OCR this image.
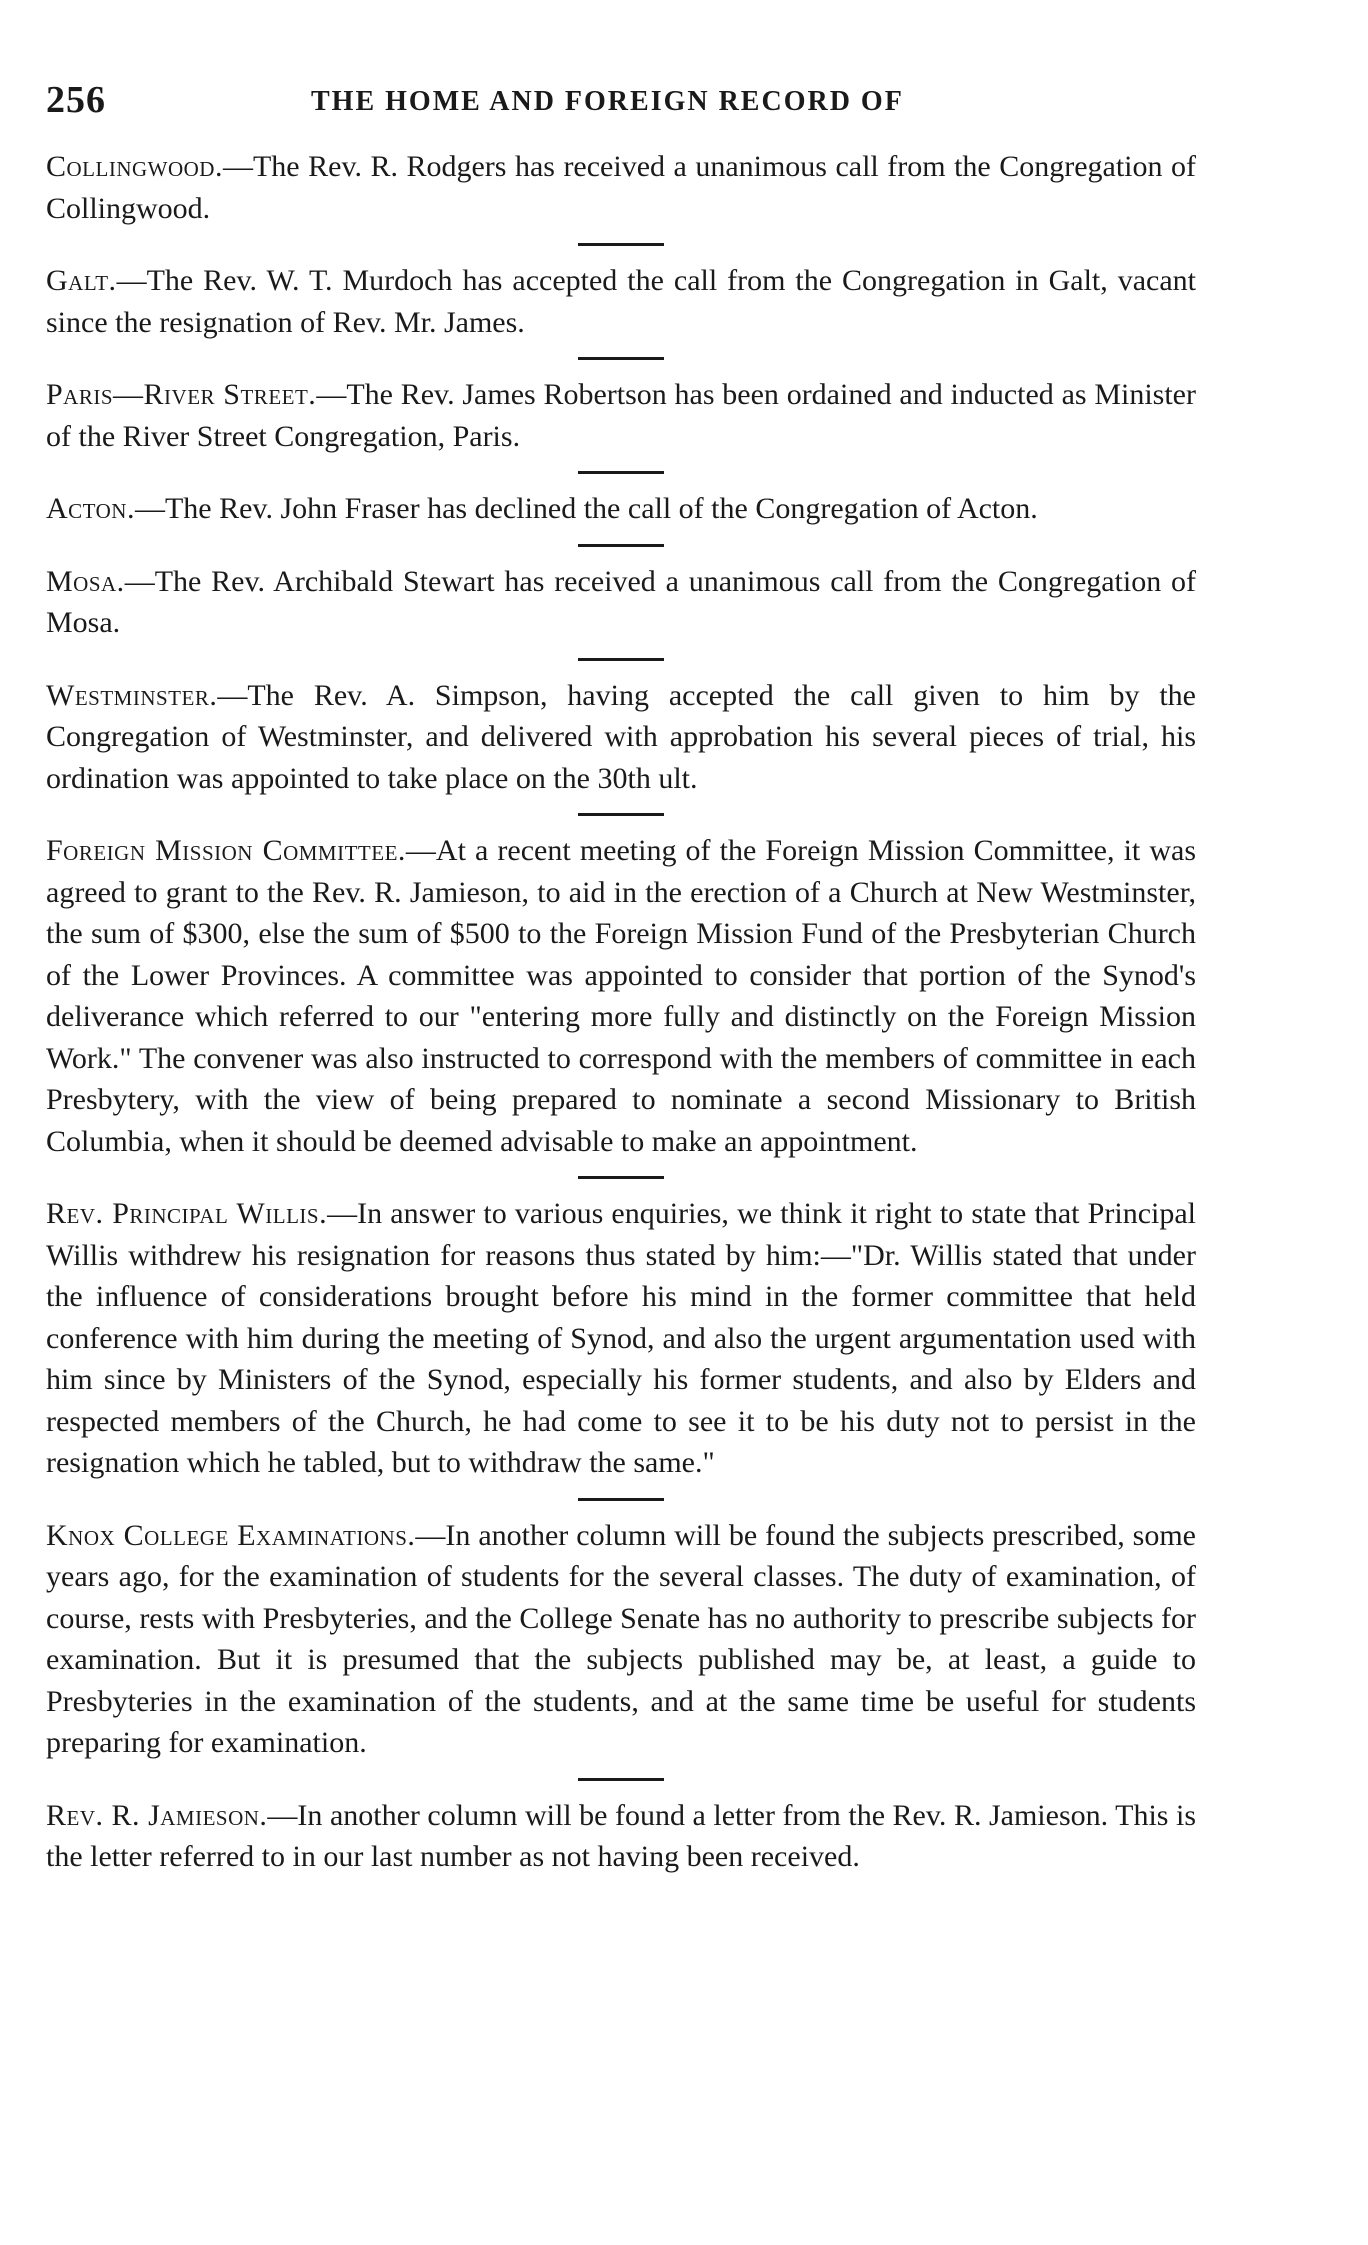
256	THE HOME AND FOREIGN RECORD OF

Collingwood.—The Rev. R. Rodgers has received a unanimous call from the Congregation of Collingwood.

Galt.—The Rev. W. T. Murdoch has accepted the call from the Congregation in Galt, vacant since the resignation of Rev. Mr. James.

Paris—River Street.—The Rev. James Robertson has been ordained and inducted as Minister of the River Street Congregation, Paris.

Acton.—The Rev. John Fraser has declined the call of the Congregation of Acton.

Mosa.—The Rev. Archibald Stewart has received a unanimous call from the Congregation of Mosa.

Westminster.—The Rev. A. Simpson, having accepted the call given to him by the Congregation of Westminster, and delivered with approbation his several pieces of trial, his ordination was appointed to take place on the 30th ult.

Foreign Mission Committee.—At a recent meeting of the Foreign Mission Committee, it was agreed to grant to the Rev. R. Jamieson, to aid in the erection of a Church at New Westminster, the sum of $300, else the sum of $500 to the Foreign Mission Fund of the Presbyterian Church of the Lower Provinces. A committee was appointed to consider that portion of the Synod's deliverance which referred to our "entering more fully and distinctly on the Foreign Mission Work." The convener was also instructed to correspond with the members of committee in each Presbytery, with the view of being prepared to nominate a second Missionary to British Columbia, when it should be deemed advisable to make an appointment.

Rev. Principal Willis.—In answer to various enquiries, we think it right to state that Principal Willis withdrew his resignation for reasons thus stated by him:—"Dr. Willis stated that under the influence of considerations brought before his mind in the former committee that held conference with him during the meeting of Synod, and also the urgent argumentation used with him since by Ministers of the Synod, especially his former students, and also by Elders and respected members of the Church, he had come to see it to be his duty not to persist in the resignation which he tabled, but to withdraw the same."

Knox College Examinations.—In another column will be found the subjects prescribed, some years ago, for the examination of students for the several classes. The duty of examination, of course, rests with Presbyteries, and the College Senate has no authority to prescribe subjects for examination. But it is presumed that the subjects published may be, at least, a guide to Presbyteries in the examination of the students, and at the same time be useful for students preparing for examination.

Rev. R. Jamieson.—In another column will be found a letter from the Rev. R. Jamieson. This is the letter referred to in our last number as not having been received.
